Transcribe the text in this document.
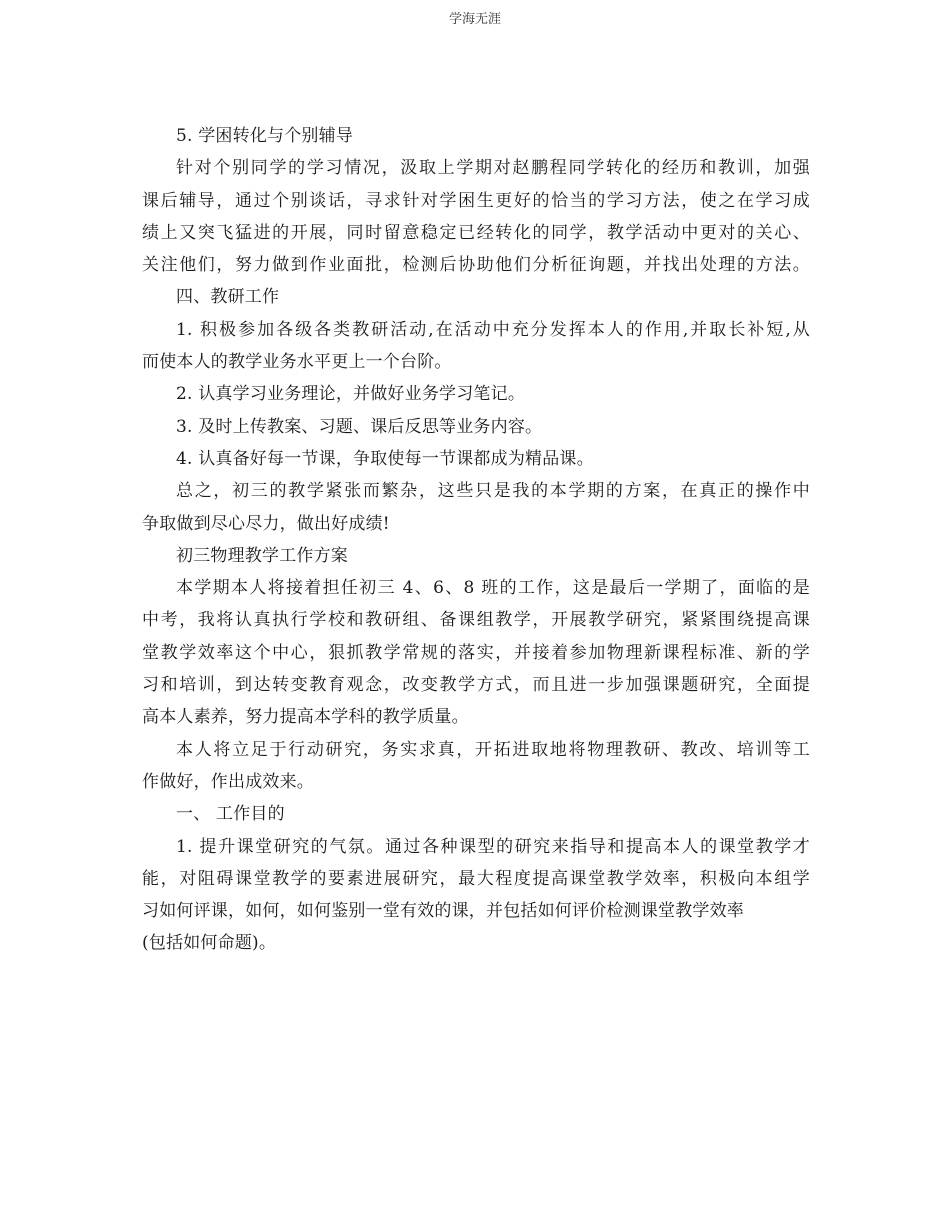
学海无涯
5. 学困转化与个别辅导
针对个别同学的学习情况，汲取上学期对赵鹏程同学转化的经历和教训，加强
课后辅导，通过个别谈话，寻求针对学困生更好的恰当的学习方法，使之在学习成
绩上又突飞猛进的开展，同时留意稳定已经转化的同学，教学活动中更对的关心、
关注他们，努力做到作业面批，检测后协助他们分析征询题，并找出处理的方法。
四、教研工作
1. 积极参加各级各类教研活动,在活动中充分发挥本人的作用,并取长补短,从
而使本人的教学业务水平更上一个台阶。
2. 认真学习业务理论，并做好业务学习笔记。
3. 及时上传教案、习题、课后反思等业务内容。
4. 认真备好每一节课，争取使每一节课都成为精品课。
总之，初三的教学紧张而繁杂，这些只是我的本学期的方案，在真正的操作中
争取做到尽心尽力，做出好成绩!
初三物理教学工作方案
本学期本人将接着担任初三 4、6、8 班的工作，这是最后一学期了，面临的是
中考，我将认真执行学校和教研组、备课组教学，开展教学研究，紧紧围绕提高课
堂教学效率这个中心，狠抓教学常规的落实，并接着参加物理新课程标准、新的学
习和培训，到达转变教育观念，改变教学方式，而且进一步加强课题研究，全面提
高本人素养，努力提高本学科的教学质量。
本人将立足于行动研究，务实求真，开拓进取地将物理教研、教改、培训等工
作做好，作出成效来。
一、 工作目的
1. 提升课堂研究的气氛。通过各种课型的研究来指导和提高本人的课堂教学才
能，对阻碍课堂教学的要素进展研究，最大程度提高课堂教学效率，积极向本组学
习如何评课，如何，如何鉴别一堂有效的课，并包括如何评价检测课堂教学效率
(包括如何命题)。
